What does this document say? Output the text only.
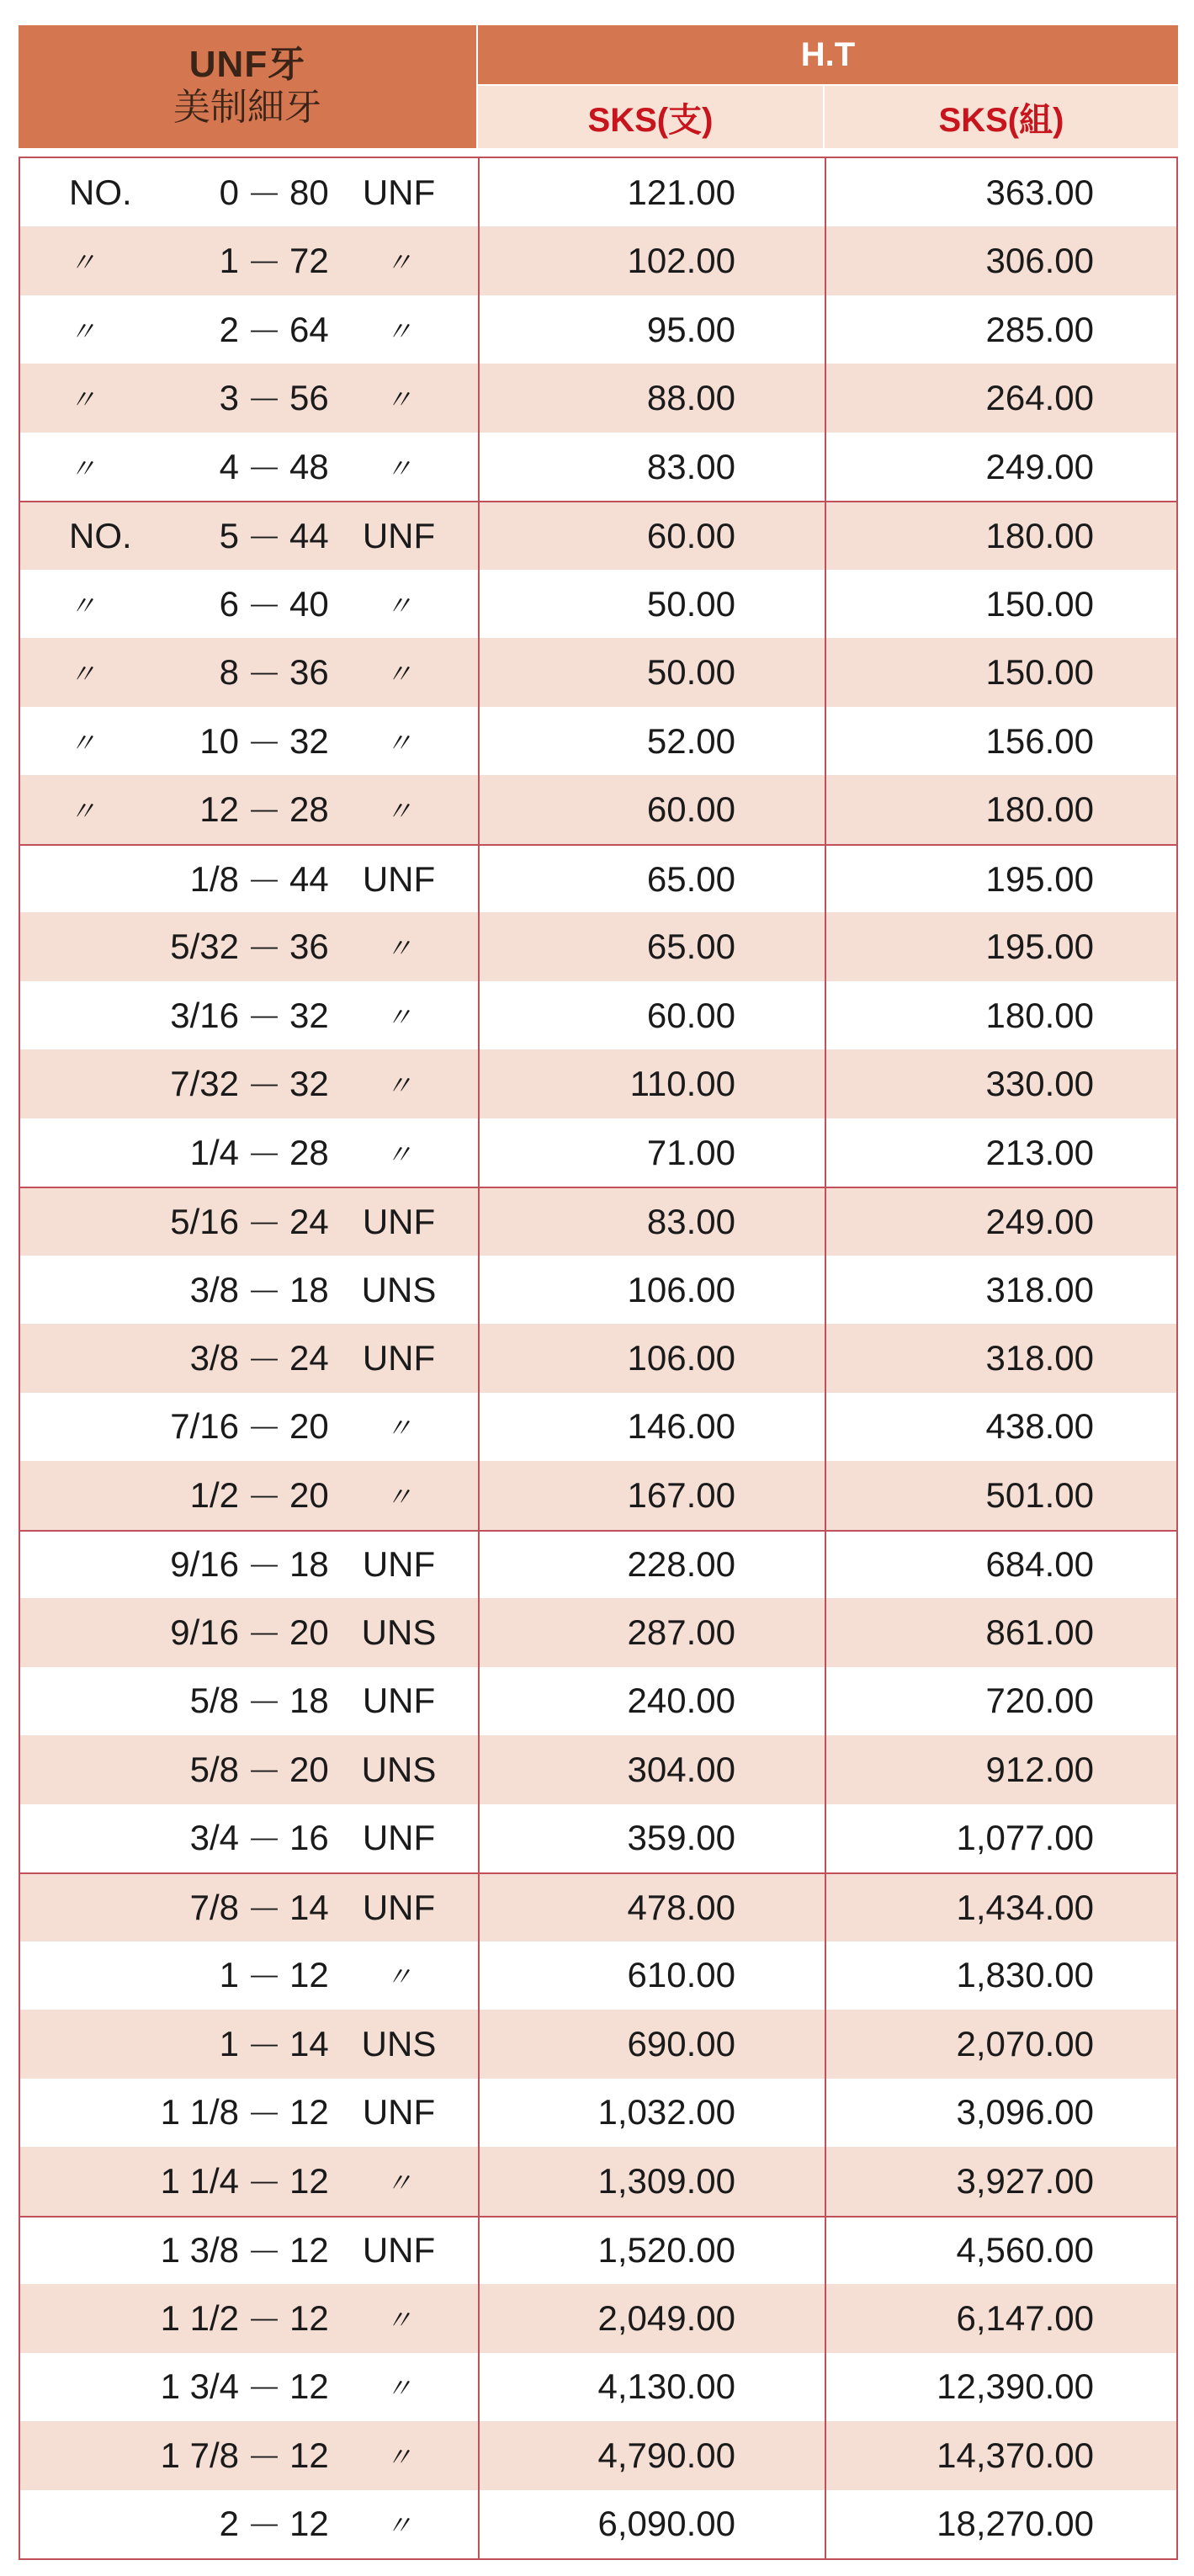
UNF牙
美制細牙
H.T
SKS(支)	SKS(組)
NO.	0 － 80 UNF	121.00	363.00
〃	1 － 72	〃	102.00	306.00
〃	2 － 64	〃	95.00	285.00
〃	3 － 56	〃	88.00	264.00
〃	4 － 48	〃	83.00	249.00
NO.	5 － 44 UNF	60.00	180.00
〃	6 － 40	〃	50.00	150.00
〃	8 － 36	〃	50.00	150.00
〃	10 － 32	〃	52.00	156.00
〃	12 － 28	〃	60.00	180.00
1/8 － 44 UNF	65.00	195.00
5/32 － 36	〃	65.00	195.00
3/16 － 32	〃	60.00	180.00
7/32 － 32	〃	110.00	330.00
1/4 － 28	〃	71.00	213.00
5/16 － 24 UNF	83.00	249.00
3/8 － 18 UNS	106.00	318.00
3/8 － 24 UNF	106.00	318.00
7/16 － 20	〃	146.00	438.00
1/2 － 20	〃	167.00	501.00
9/16 － 18 UNF	228.00	684.00
9/16 － 20 UNS	287.00	861.00
5/8 － 18 UNF	240.00	720.00
5/8 － 20 UNS	304.00	912.00
3/4 － 16 UNF	359.00	1,077.00
7/8 － 14 UNF	478.00	1,434.00
1 － 12	〃	610.00	1,830.00
1 － 14 UNS	690.00	2,070.00
1 1/8 － 12 UNF	1,032.00	3,096.00
1 1/4 － 12	〃	1,309.00	3,927.00
1 3/8 － 12 UNF	1,520.00	4,560.00
1 1/2 － 12	〃	2,049.00	6,147.00
1 3/4 － 12	〃	4,130.00	12,390.00
1 7/8 － 12	〃	4,790.00	14,370.00
2 － 12	〃	6,090.00	18,270.00
